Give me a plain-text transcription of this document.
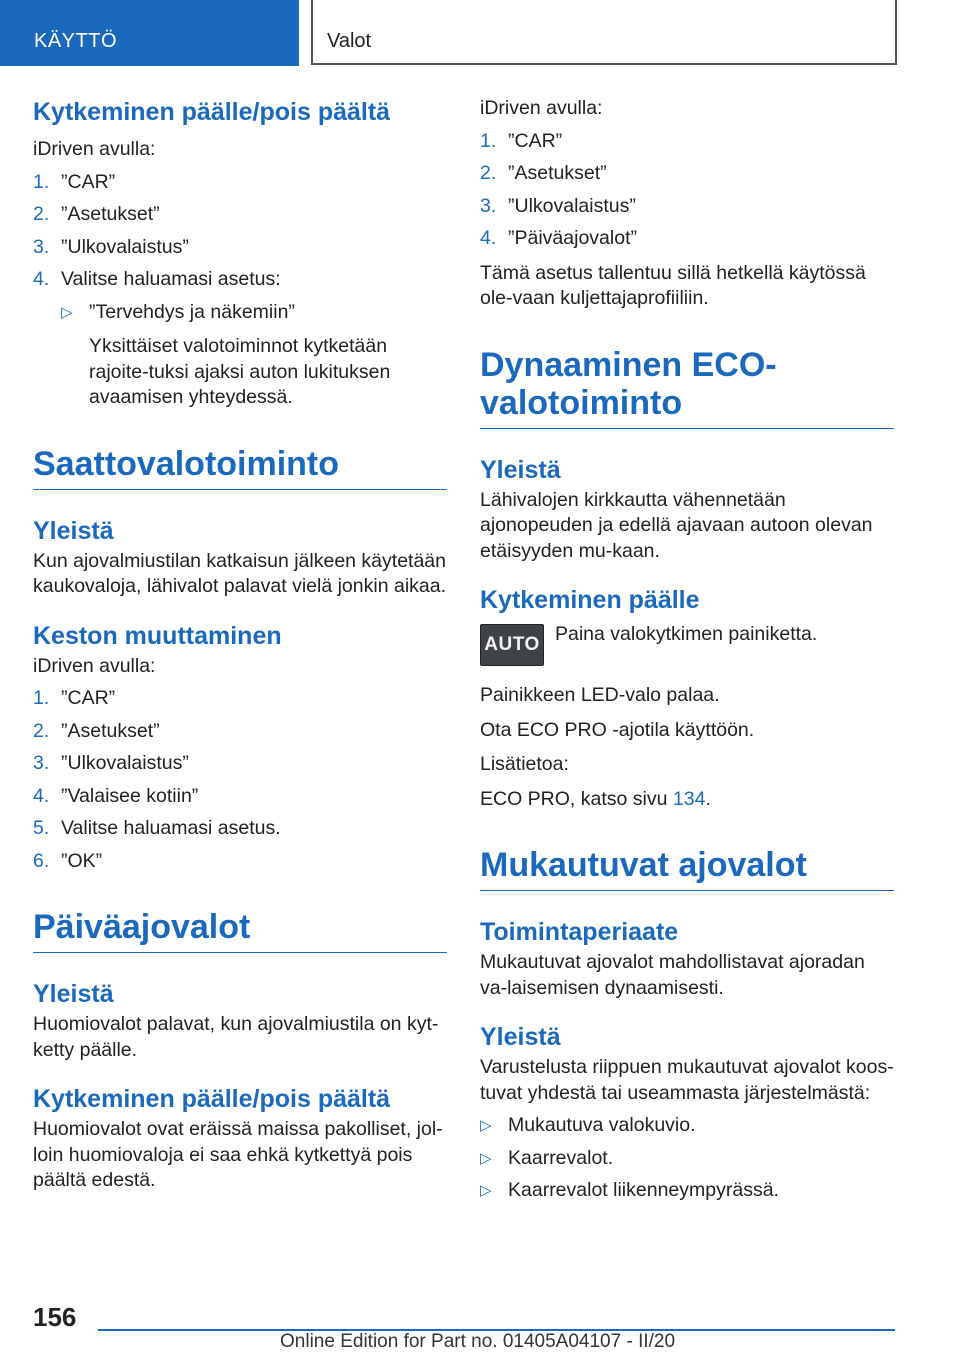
KÄYTTÖ	Valot
Kytkeminen päälle/pois päältä

iDriven avulla:

1. ”CAR”
2. ”Asetukset”
3. ”Ulkovalaistus”
4. Valitse haluamasi asetus:
▷ ”Tervehdys ja näkemiin”

Yksittäiset valotoiminnot kytketään rajoite-tuksi ajaksi auton lukituksen avaamisen yhteydessä.

Saattovalotoiminto
Yleistä

Kun ajovalmiustilan katkaisun jälkeen käytetään kaukovaloja, lähivalot palavat vielä jonkin aikaa.

Keston muuttaminen

iDriven avulla:

1. ”CAR”
2. ”Asetukset”
3. ”Ulkovalaistus”
4. ”Valaisee kotiin”
5. Valitse haluamasi asetus.
6. ”OK”
Päiväajovalot
Yleistä

Huomiovalot palavat, kun ajovalmiustila on kyt-ketty päälle.

Kytkeminen päälle/pois päältä

Huomiovalot ovat eräissä maissa pakolliset, jol-loin huomiovaloja ei saa ehkä kytkettyä pois päältä edestä.

iDriven avulla:

1. ”CAR”
2. ”Asetukset”
3. ”Ulkovalaistus”
4. ”Päiväajovalot”

Tämä asetus tallentuu sillä hetkellä käytössä ole-vaan kuljettajaprofiiliin.

Dynaaminen ECO-valotoiminto
Yleistä

Lähivalojen kirkkautta vähennetään ajonopeuden ja edellä ajavaan autoon olevan etäisyyden mu-kaan.

Kytkeminen päälle
AUTO Paina valokytkimen painiketta.

Painikkeen LED-valo palaa.

Ota ECO PRO -ajotila käyttöön.

Lisätietoa:

ECO PRO, katso sivu 134.

Mukautuvat ajovalot
Toimintaperiaate

Mukautuvat ajovalot mahdollistavat ajoradan va-laisemisen dynaamisesti.

Yleistä

Varustelusta riippuen mukautuvat ajovalot koos-tuvat yhdestä tai useammasta järjestelmästä:

▷ Mukautuva valokuvio.
▷ Kaarrevalot.
▷ Kaarrevalot liikenneympyrässä.
156
Online Edition for Part no. 01405A04107 - II/20
